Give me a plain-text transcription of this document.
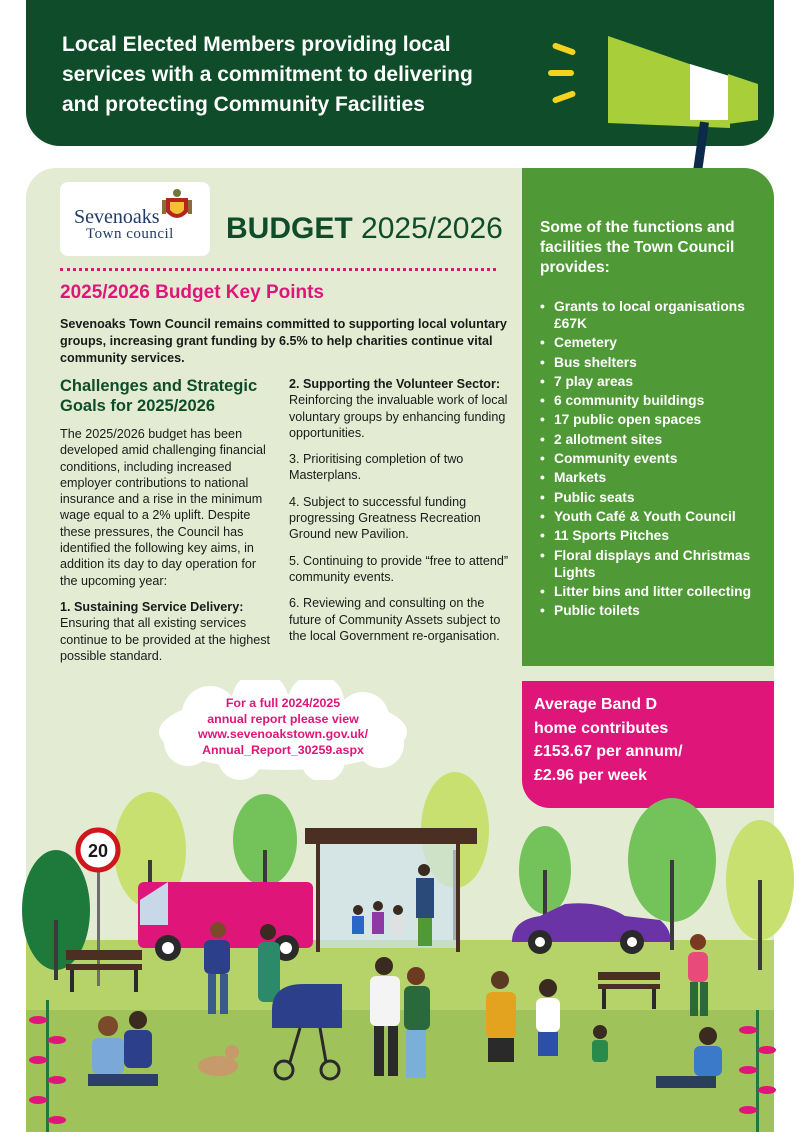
Local Elected Members providing local
services with a commitment to delivering
and protecting Community Facilities
Sevenoaks
Town council BUDGET 2025/2026
2025/2026 Budget Key Points
Sevenoaks Town Council remains committed to supporting local voluntary groups, increasing grant funding by 6.5% to help charities continue vital community services.
Challenges and Strategic Goals for 2025/2026
The 2025/2026 budget has been developed amid challenging financial conditions, including increased employer contributions to national insurance and a rise in the minimum wage equal to a 2% uplift. Despite these pressures, the Council has identified the following key aims, in addition its day to day operation for the upcoming year:
1. Sustaining Service Delivery:
Ensuring that all existing services continue to be provided at the highest possible standard.
2. Supporting the Volunteer Sector: Reinforcing the invaluable work of local voluntary groups by enhancing funding opportunities.
3. Prioritising completion of two Masterplans.
4. Subject to successful funding progressing Greatness Recreation Ground new Pavilion.
5. Continuing to provide “free to attend” community events.
6. Reviewing and consulting on the future of Community Assets subject to the local Government re-organisation.
Some of the functions and facilities the Town Council provides:
• Grants to local organisations £67K
• Cemetery
• Bus shelters
• 7 play areas
• 6 community buildings
• 17 public open spaces
• 2 allotment sites
• Community events
• Markets
• Public seats
• Youth Café & Youth Council
• 11 Sports Pitches
• Floral displays and Christmas Lights
• Litter bins and litter collecting
• Public toilets
Average Band D
home contributes
£153.67 per annum/
£2.96 per week
20
For a full 2024/2025
annual report please view
www.sevenoakstown.gov.uk/
Annual_Report_30259.aspx
